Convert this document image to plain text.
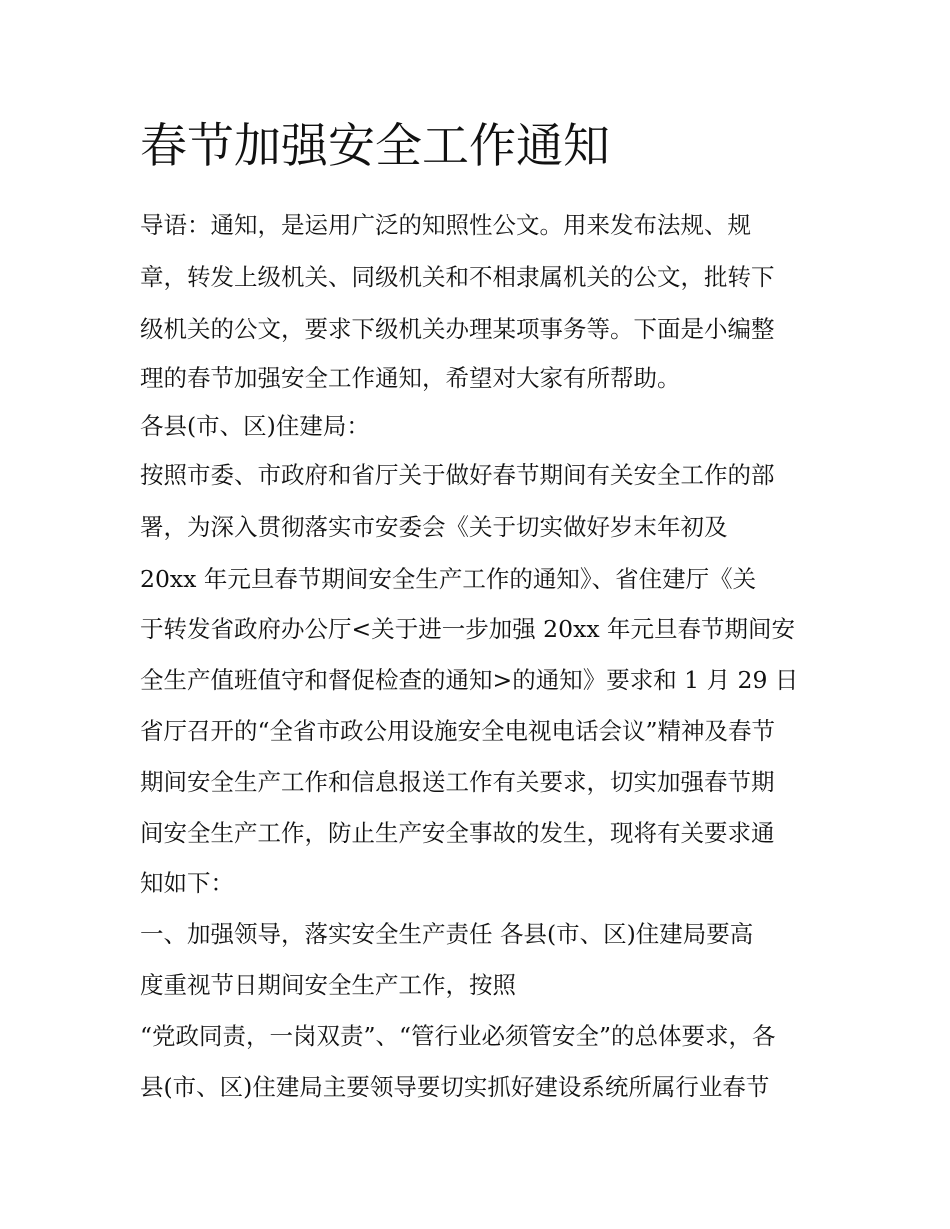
春节加强安全工作通知

导语：通知，是运用广泛的知照性公文。用来发布法规、规

章，转发上级机关、同级机关和不相隶属机关的公文，批转下

级机关的公文，要求下级机关办理某项事务等。下面是小编整

理的春节加强安全工作通知，希望对大家有所帮助。

各县(市、区)住建局：

按照市委、市政府和省厅关于做好春节期间有关安全工作的部

署，为深入贯彻落实市安委会《关于切实做好岁末年初及

20xx 年元旦春节期间安全生产工作的通知》、省住建厅《关

于转发省政府办公厅<关于进一步加强 20xx 年元旦春节期间安

全生产值班值守和督促检查的通知>的通知》要求和 1 月 29 日

省厅召开的“全省市政公用设施安全电视电话会议”精神及春节

期间安全生产工作和信息报送工作有关要求，切实加强春节期

间安全生产工作，防止生产安全事故的发生，现将有关要求通

知如下：

一、加强领导，落实安全生产责任 各县(市、区)住建局要高

度重视节日期间安全生产工作，按照

“党政同责，一岗双责”、“管行业必须管安全”的总体要求，各

县(市、区)住建局主要领导要切实抓好建设系统所属行业春节
